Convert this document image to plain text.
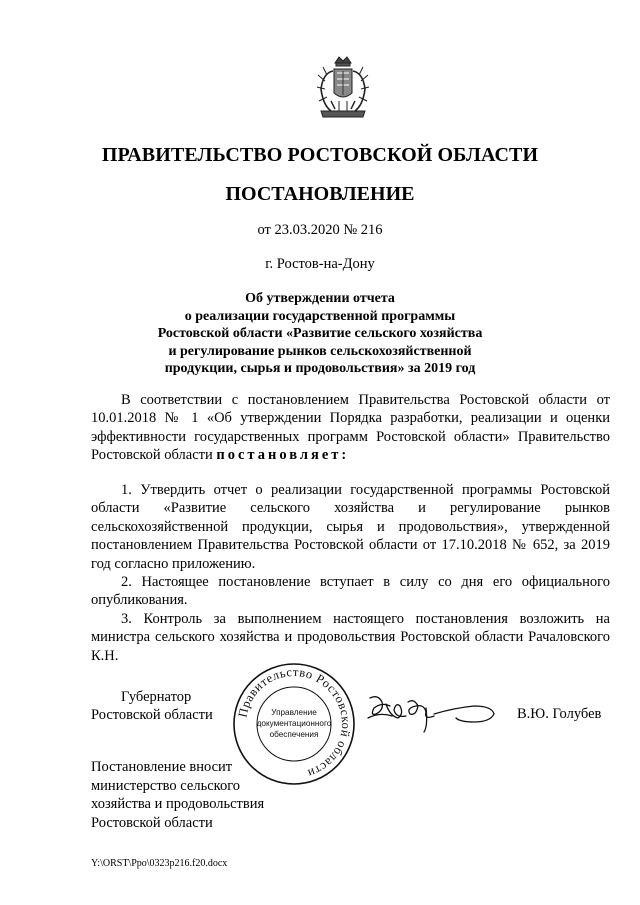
ПРАВИТЕЛЬСТВО РОСТОВСКОЙ ОБЛАСТИ
ПОСТАНОВЛЕНИЕ
от 23.03.2020 № 216
г. Ростов-на-Дону
Об утверждении отчета
о реализации государственной программы
Ростовской области «Развитие сельского хозяйства
и регулирование рынков сельскохозяйственной
продукции, сырья и продовольствия» за 2019 год
В соответствии с постановлением Правительства Ростовской области от 10.01.2018 № 1 «Об утверждении Порядка разработки, реализации и оценки эффективности государственных программ Ростовской области» Правительство Ростовской области постановляет:

1. Утвердить отчет о реализации государственной программы Ростовской области «Развитие сельского хозяйства и регулирование рынков сельскохозяйственной продукции, сырья и продовольствия», утвержденной постановлением Правительства Ростовской области от 17.10.2018 № 652, за 2019 год согласно приложению.

2. Настоящее постановление вступает в силу со дня его официального опубликования.

3. Контроль за выполнением настоящего постановления возложить на министра сельского хозяйства и продовольствия Ростовской области Рачаловского К.Н.

Губернатор
Ростовской области Правительство Ростовской области
Управление
документационного
обеспечения
В.Ю. Голубев
Постановление вносит
министерство сельского
хозяйства и продовольствия
Ростовской области
Y:\ORST\Ppo\0323p216.f20.docx
